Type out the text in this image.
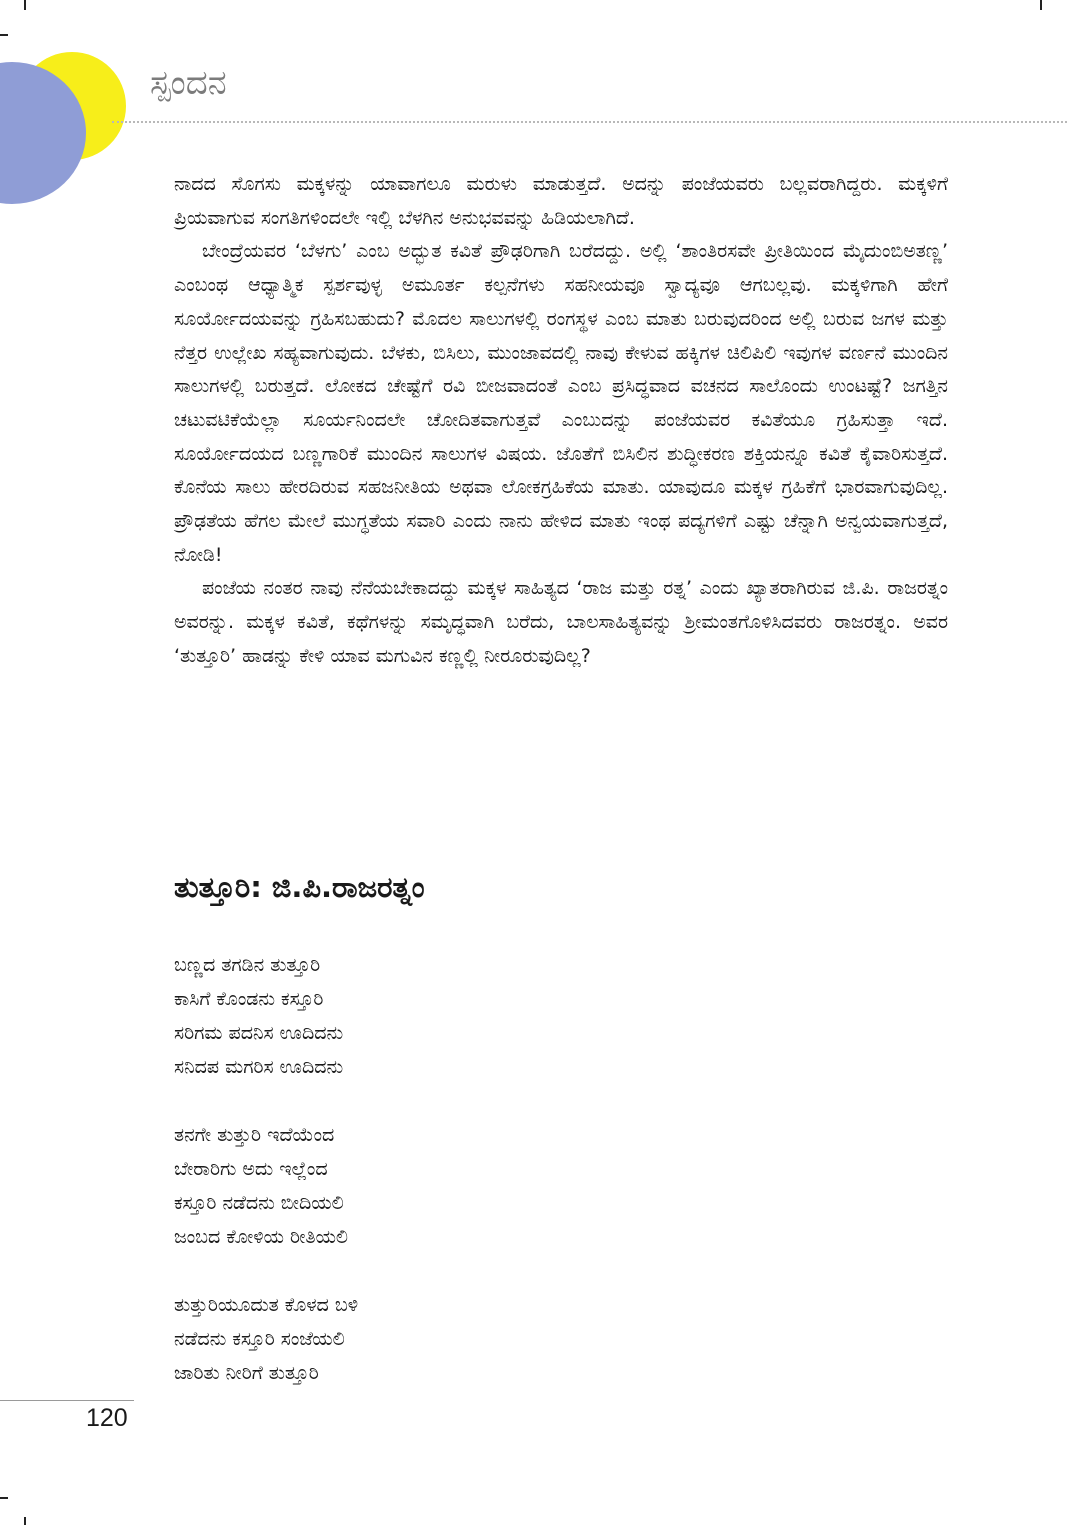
ಸ್ಪಂದನ

ನಾದದ ಸೊಗಸು ಮಕ್ಕಳನ್ನು ಯಾವಾಗಲೂ ಮರುಳು ಮಾಡುತ್ತದೆ. ಅದನ್ನು ಪಂಜೆಯವರು ಬಲ್ಲವರಾಗಿದ್ದರು. ಮಕ್ಕಳಿಗೆ ಪ್ರಿಯವಾಗುವ ಸಂಗತಿಗಳಿಂದಲೇ ಇಲ್ಲಿ ಬೆಳಗಿನ ಅನುಭವವನ್ನು ಹಿಡಿಯಲಾಗಿದೆ.

ಬೇಂದ್ರೆಯವರ ‘ಬೆಳಗು’ ಎಂಬ ಅದ್ಭುತ ಕವಿತೆ ಪ್ರೌಢರಿಗಾಗಿ ಬರೆದದ್ದು. ಅಲ್ಲಿ ‘ಶಾಂತಿರಸವೇ ಪ್ರೀತಿಯಿಂದ ಮೈದುಂಬಿಅತಣ್ಣ’ ಎಂಬಂಥ ಆಧ್ಯಾತ್ಮಿಕ ಸ್ಪರ್ಶವುಳ್ಳ ಅಮೂರ್ತ ಕಲ್ಪನೆಗಳು ಸಹನೀಯವೂ ಸ್ವಾದ್ಯವೂ ಆಗಬಲ್ಲವು. ಮಕ್ಕಳಿಗಾಗಿ ಹೇಗೆ ಸೂರ್ಯೋದಯವನ್ನು ಗ್ರಹಿಸಬಹುದು? ಮೊದಲ ಸಾಲುಗಳಲ್ಲಿ ರಂಗಸ್ಥಳ ಎಂಬ ಮಾತು ಬರುವುದರಿಂದ ಅಲ್ಲಿ ಬರುವ ಜಗಳ ಮತ್ತು ನೆತ್ತರ ಉಲ್ಲೇಖ ಸಹ್ಯವಾಗುವುದು. ಬೆಳಕು, ಬಿಸಿಲು, ಮುಂಜಾವದಲ್ಲಿ ನಾವು ಕೇಳುವ ಹಕ್ಕಿಗಳ ಚಿಲಿಪಿಲಿ ಇವುಗಳ ವರ್ಣನೆ ಮುಂದಿನ ಸಾಲುಗಳಲ್ಲಿ ಬರುತ್ತದೆ. ಲೋಕದ ಚೇಷ್ಟೆಗೆ ರವಿ ಬೀಜವಾದಂತೆ ಎಂಬ ಪ್ರಸಿದ್ಧವಾದ ವಚನದ ಸಾಲೊಂದು ಉಂಟಷ್ಟೆ? ಜಗತ್ತಿನ ಚಟುವಟಿಕೆಯೆಲ್ಲಾ ಸೂರ್ಯನಿಂದಲೇ ಚೋದಿತವಾಗುತ್ತವೆ ಎಂಬುದನ್ನು ಪಂಜೆಯವರ ಕವಿತೆಯೂ ಗ್ರಹಿಸುತ್ತಾ ಇದೆ. ಸೂರ್ಯೋದಯದ ಬಣ್ಣಗಾರಿಕೆ ಮುಂದಿನ ಸಾಲುಗಳ ವಿಷಯ. ಜೊತೆಗೆ ಬಿಸಿಲಿನ ಶುದ್ಧೀಕರಣ ಶಕ್ತಿಯನ್ನೂ ಕವಿತೆ ಕೈವಾರಿಸುತ್ತದೆ. ಕೊನೆಯ ಸಾಲು ಹೇರದಿರುವ ಸಹಜನೀತಿಯ ಅಥವಾ ಲೋಕಗ್ರಹಿಕೆಯ ಮಾತು. ಯಾವುದೂ ಮಕ್ಕಳ ಗ್ರಹಿಕೆಗೆ ಭಾರವಾಗುವುದಿಲ್ಲ. ಪ್ರೌಢತೆಯ ಹೆಗಲ ಮೇಲೆ ಮುಗ್ಧತೆಯ ಸವಾರಿ ಎಂದು ನಾನು ಹೇಳಿದ ಮಾತು ಇಂಥ ಪದ್ಯಗಳಿಗೆ ಎಷ್ಟು ಚೆನ್ನಾಗಿ ಅನ್ವಯವಾಗುತ್ತದೆ, ನೋಡಿ!

ಪಂಜೆಯ ನಂತರ ನಾವು ನೆನೆಯಬೇಕಾದದ್ದು ಮಕ್ಕಳ ಸಾಹಿತ್ಯದ ‘ರಾಜ ಮತ್ತು ರತ್ನ’ ಎಂದು ಖ್ಯಾತರಾಗಿರುವ ಜಿ.ಪಿ. ರಾಜರತ್ನಂ ಅವರನ್ನು. ಮಕ್ಕಳ ಕವಿತೆ, ಕಥೆಗಳನ್ನು ಸಮೃದ್ಧವಾಗಿ ಬರೆದು, ಬಾಲಸಾಹಿತ್ಯವನ್ನು ಶ್ರೀಮಂತಗೊಳಿಸಿದವರು ರಾಜರತ್ನಂ. ಅವರ ‘ತುತ್ತೂರಿ’ ಹಾಡನ್ನು ಕೇಳಿ ಯಾವ ಮಗುವಿನ ಕಣ್ಣಲ್ಲಿ ನೀರೂರುವುದಿಲ್ಲ?

ತುತ್ತೂರಿ: ಜಿ.ಪಿ.ರಾಜರತ್ನಂ
ಬಣ್ಣದ ತಗಡಿನ ತುತ್ತೂರಿ
ಕಾಸಿಗೆ ಕೊಂಡನು ಕಸ್ತೂರಿ
ಸರಿಗಮ ಪದನಿಸ ಊದಿದನು
ಸನಿದಪ ಮಗರಿಸ ಊದಿದನು
ತನಗೇ ತುತ್ತುರಿ ಇದೆಯೆಂದ
ಬೇರಾರಿಗು ಅದು ಇಲ್ಲೆಂದ
ಕಸ್ತೂರಿ ನಡೆದನು ಬೀದಿಯಲಿ
ಜಂಬದ ಕೋಳಿಯ ರೀತಿಯಲಿ
ತುತ್ತುರಿಯೂದುತ ಕೊಳದ ಬಳಿ
ನಡೆದನು ಕಸ್ತೂರಿ ಸಂಜೆಯಲಿ
ಜಾರಿತು ನೀರಿಗೆ ತುತ್ತೂರಿ
120
